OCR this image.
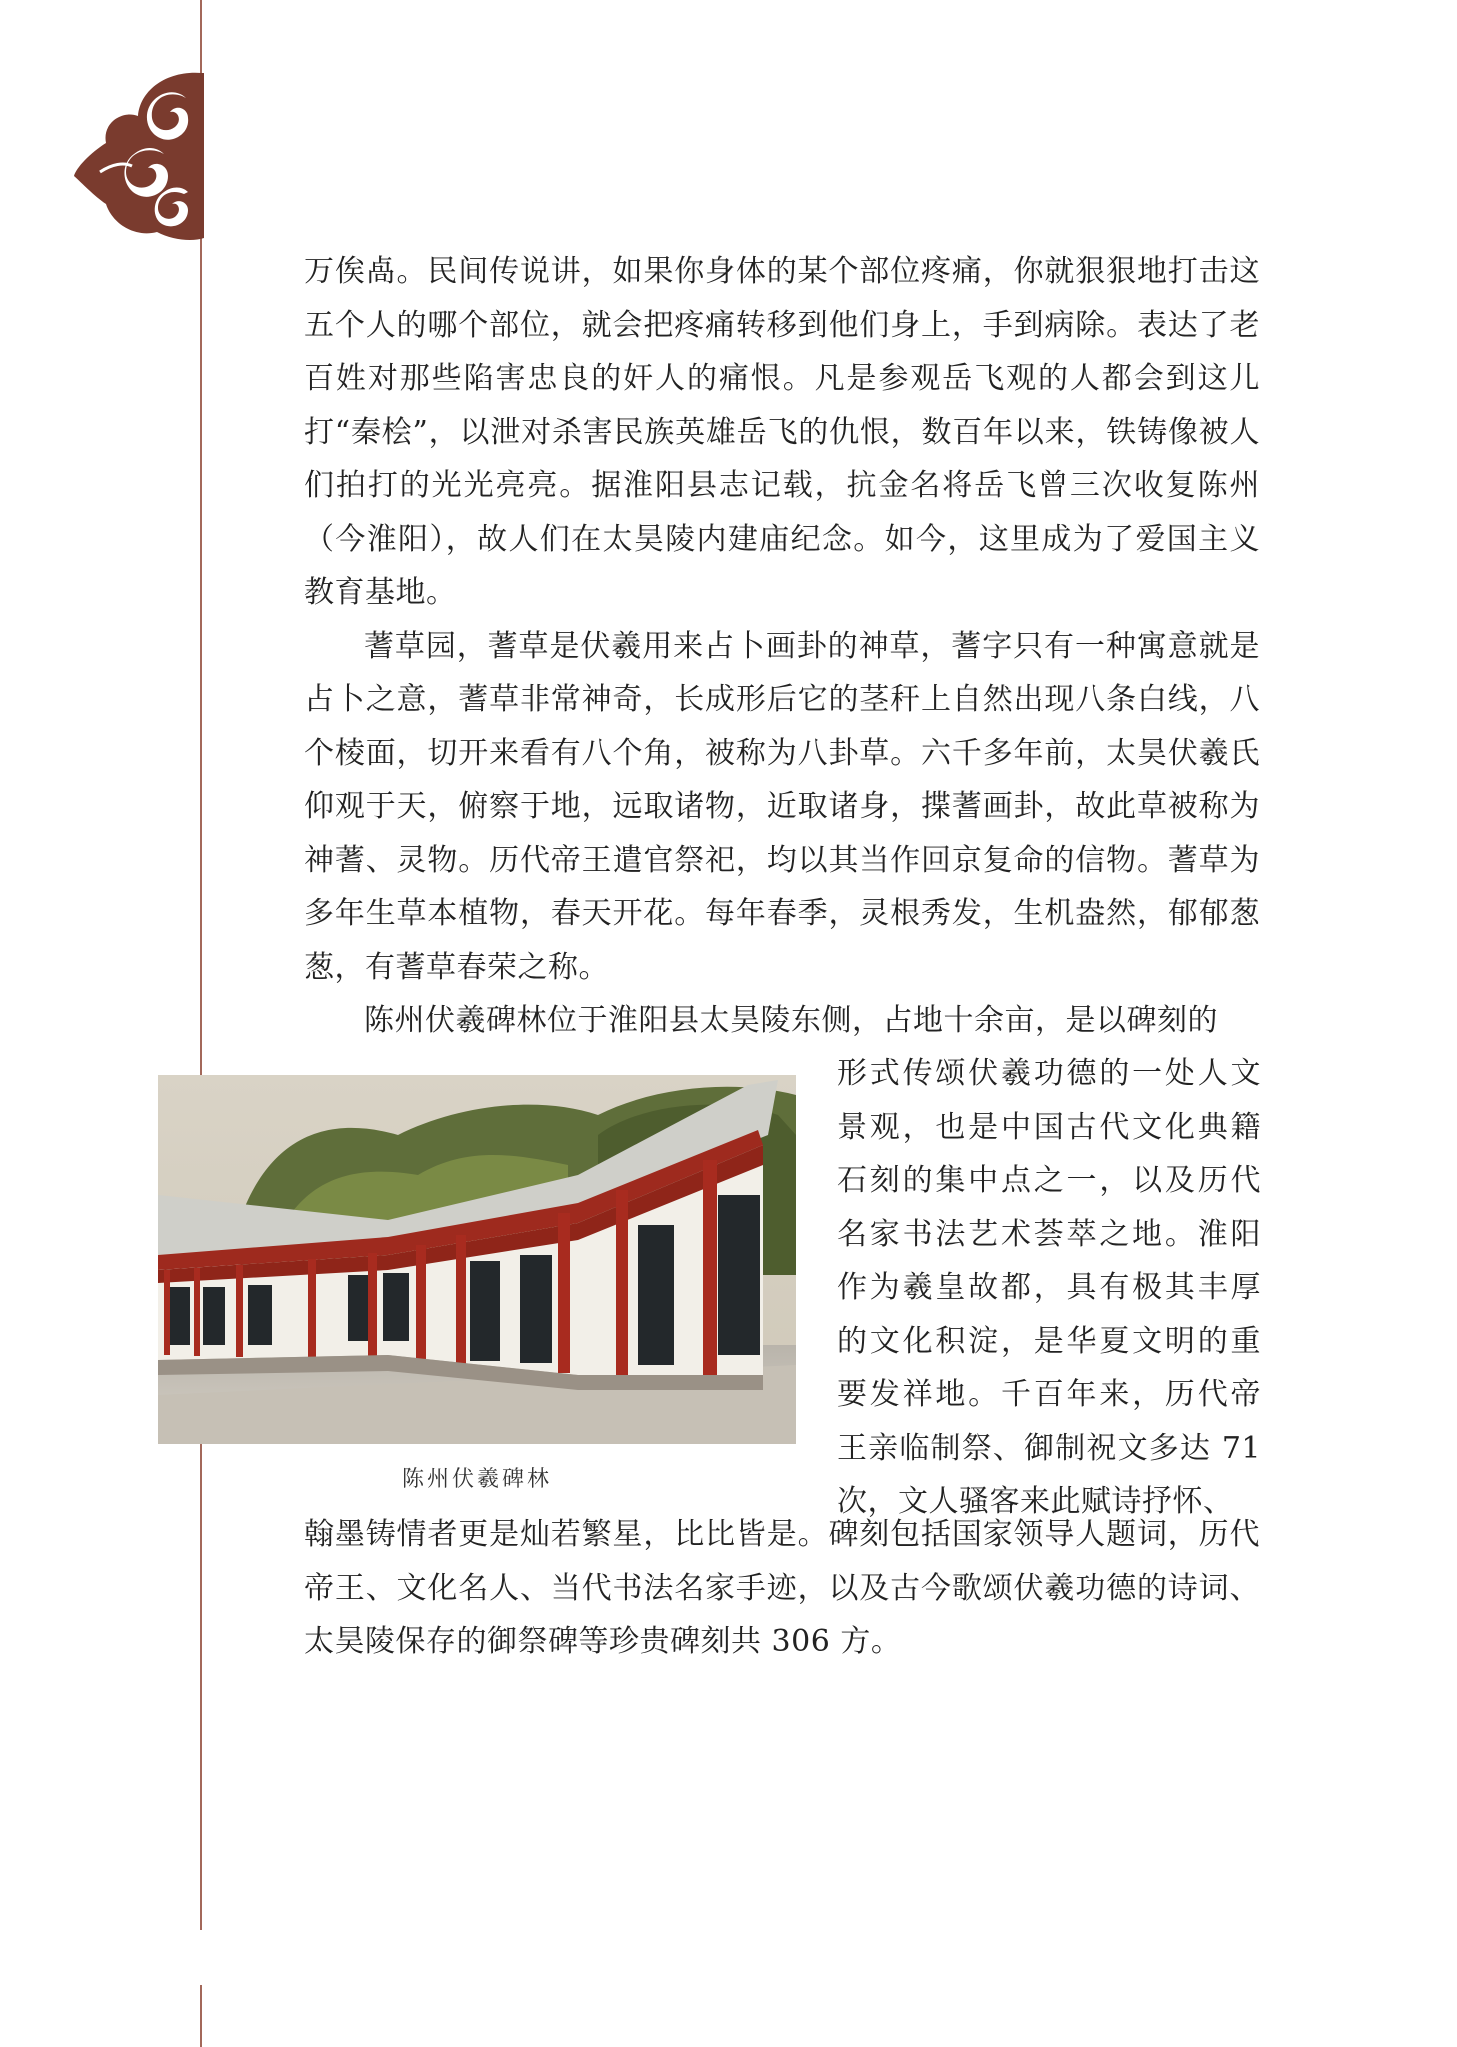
万俟卨。民间传说讲，如果你身体的某个部位疼痛，你就狠狠地打击这五个人的哪个部位，就会把疼痛转移到他们身上，手到病除。表达了老百姓对那些陷害忠良的奸人的痛恨。凡是参观岳飞观的人都会到这儿打“秦桧”，以泄对杀害民族英雄岳飞的仇恨，数百年以来，铁铸像被人们拍打的光光亮亮。据淮阳县志记载，抗金名将岳飞曾三次收复陈州（今淮阳），故人们在太昊陵内建庙纪念。如今，这里成为了爱国主义教育基地。

蓍草园，蓍草是伏羲用来占卜画卦的神草，蓍字只有一种寓意就是占卜之意，蓍草非常神奇，长成形后它的茎秆上自然出现八条白线，八个棱面，切开来看有八个角，被称为八卦草。六千多年前，太昊伏羲氏仰观于天，俯察于地，远取诸物，近取诸身，揲蓍画卦，故此草被称为神蓍、灵物。历代帝王遣官祭祀，均以其当作回京复命的信物。蓍草为多年生草本植物，春天开花。每年春季，灵根秀发，生机盎然，郁郁葱葱，有蓍草春荣之称。

陈州伏羲碑林位于淮阳县太昊陵东侧，占地十余亩，是以碑刻的

形式传颂伏羲功德的一处人文景观，也是中国古代文化典籍石刻的集中点之一，以及历代名家书法艺术荟萃之地。淮阳作为羲皇故都，具有极其丰厚的文化积淀，是华夏文明的重要发祥地。千百年来，历代帝王亲临制祭、御制祝文多达 71 次，文人骚客来此赋诗抒怀、

陈州伏羲碑林

翰墨铸情者更是灿若繁星，比比皆是。碑刻包括国家领导人题词，历代帝王、文化名人、当代书法名家手迹，以及古今歌颂伏羲功德的诗词、太昊陵保存的御祭碑等珍贵碑刻共 306 方。
